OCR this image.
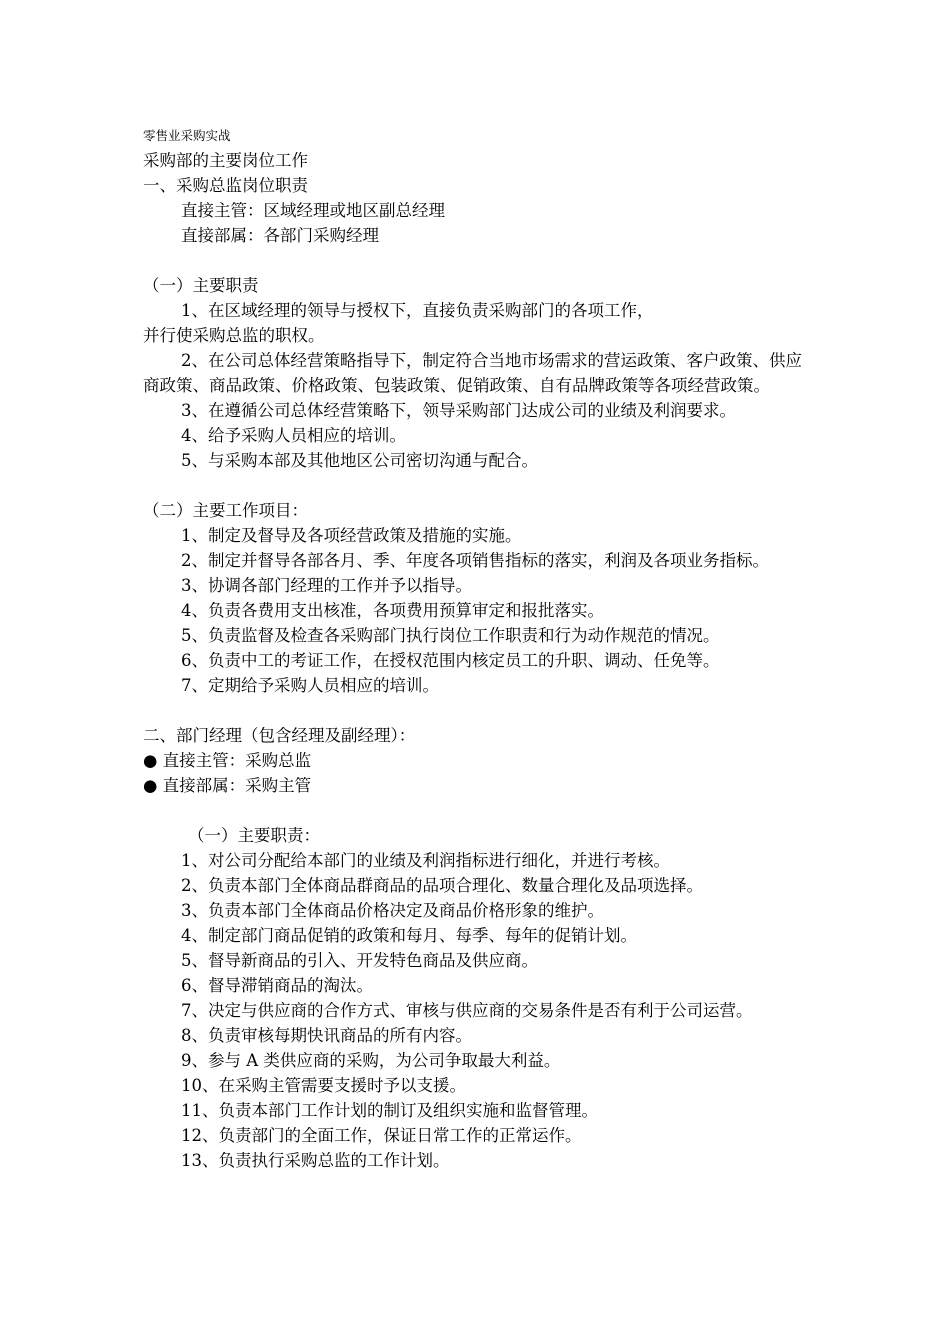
零售业采购实战
采购部的主要岗位工作
一、采购总监岗位职责
直接主管：区域经理或地区副总经理
直接部属：各部门采购经理
（一）主要职责
1、在区域经理的领导与授权下，直接负责采购部门的各项工作，
并行使采购总监的职权。
2、在公司总体经营策略指导下，制定符合当地市场需求的营运政策、客户政策、供应商政策、商品政策、价格政策、包装政策、促销政策、自有品牌政策等各项经营政策。
3、在遵循公司总体经营策略下，领导采购部门达成公司的业绩及利润要求。
4、给予采购人员相应的培训。
5、与采购本部及其他地区公司密切沟通与配合。
（二）主要工作项目：
1、制定及督导及各项经营政策及措施的实施。
2、制定并督导各部各月、季、年度各项销售指标的落实，利润及各项业务指标。
3、协调各部门经理的工作并予以指导。
4、负责各费用支出核准，各项费用预算审定和报批落实。
5、负责监督及检查各采购部门执行岗位工作职责和行为动作规范的情况。
6、负责中工的考证工作，在授权范围内核定员工的升职、调动、任免等。
7、定期给予采购人员相应的培训。
二、部门经理（包含经理及副经理）：
● 直接主管：采购总监
● 直接部属：采购主管
（一）主要职责：
1、对公司分配给本部门的业绩及利润指标进行细化，并进行考核。
2、负责本部门全体商品群商品的品项合理化、数量合理化及品项选择。
3、负责本部门全体商品价格决定及商品价格形象的维护。
4、制定部门商品促销的政策和每月、每季、每年的促销计划。
5、督导新商品的引入、开发特色商品及供应商。
6、督导滞销商品的淘汰。
7、决定与供应商的合作方式、审核与供应商的交易条件是否有利于公司运营。
8、负责审核每期快讯商品的所有内容。
9、参与 A 类供应商的采购，为公司争取最大利益。
10、在采购主管需要支援时予以支援。
11、负责本部门工作计划的制订及组织实施和监督管理。
12、负责部门的全面工作，保证日常工作的正常运作。
13、负责执行采购总监的工作计划。
